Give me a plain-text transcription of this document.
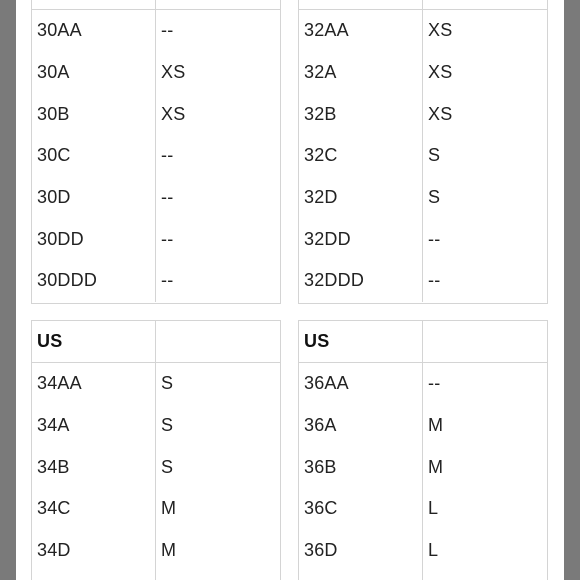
30AA	--
30A	XS
30B	XS
30C	--
30D	--
30DD	--
30DDD	--
32AA	XS
32A	XS
32B	XS
32C	S
32D	S
32DD	--
32DDD	--
US
34AA	S
34A	S
34B	S
34C	M
34D	M
US
36AA	--
36A	M
36B	M
36C	L
36D	L
